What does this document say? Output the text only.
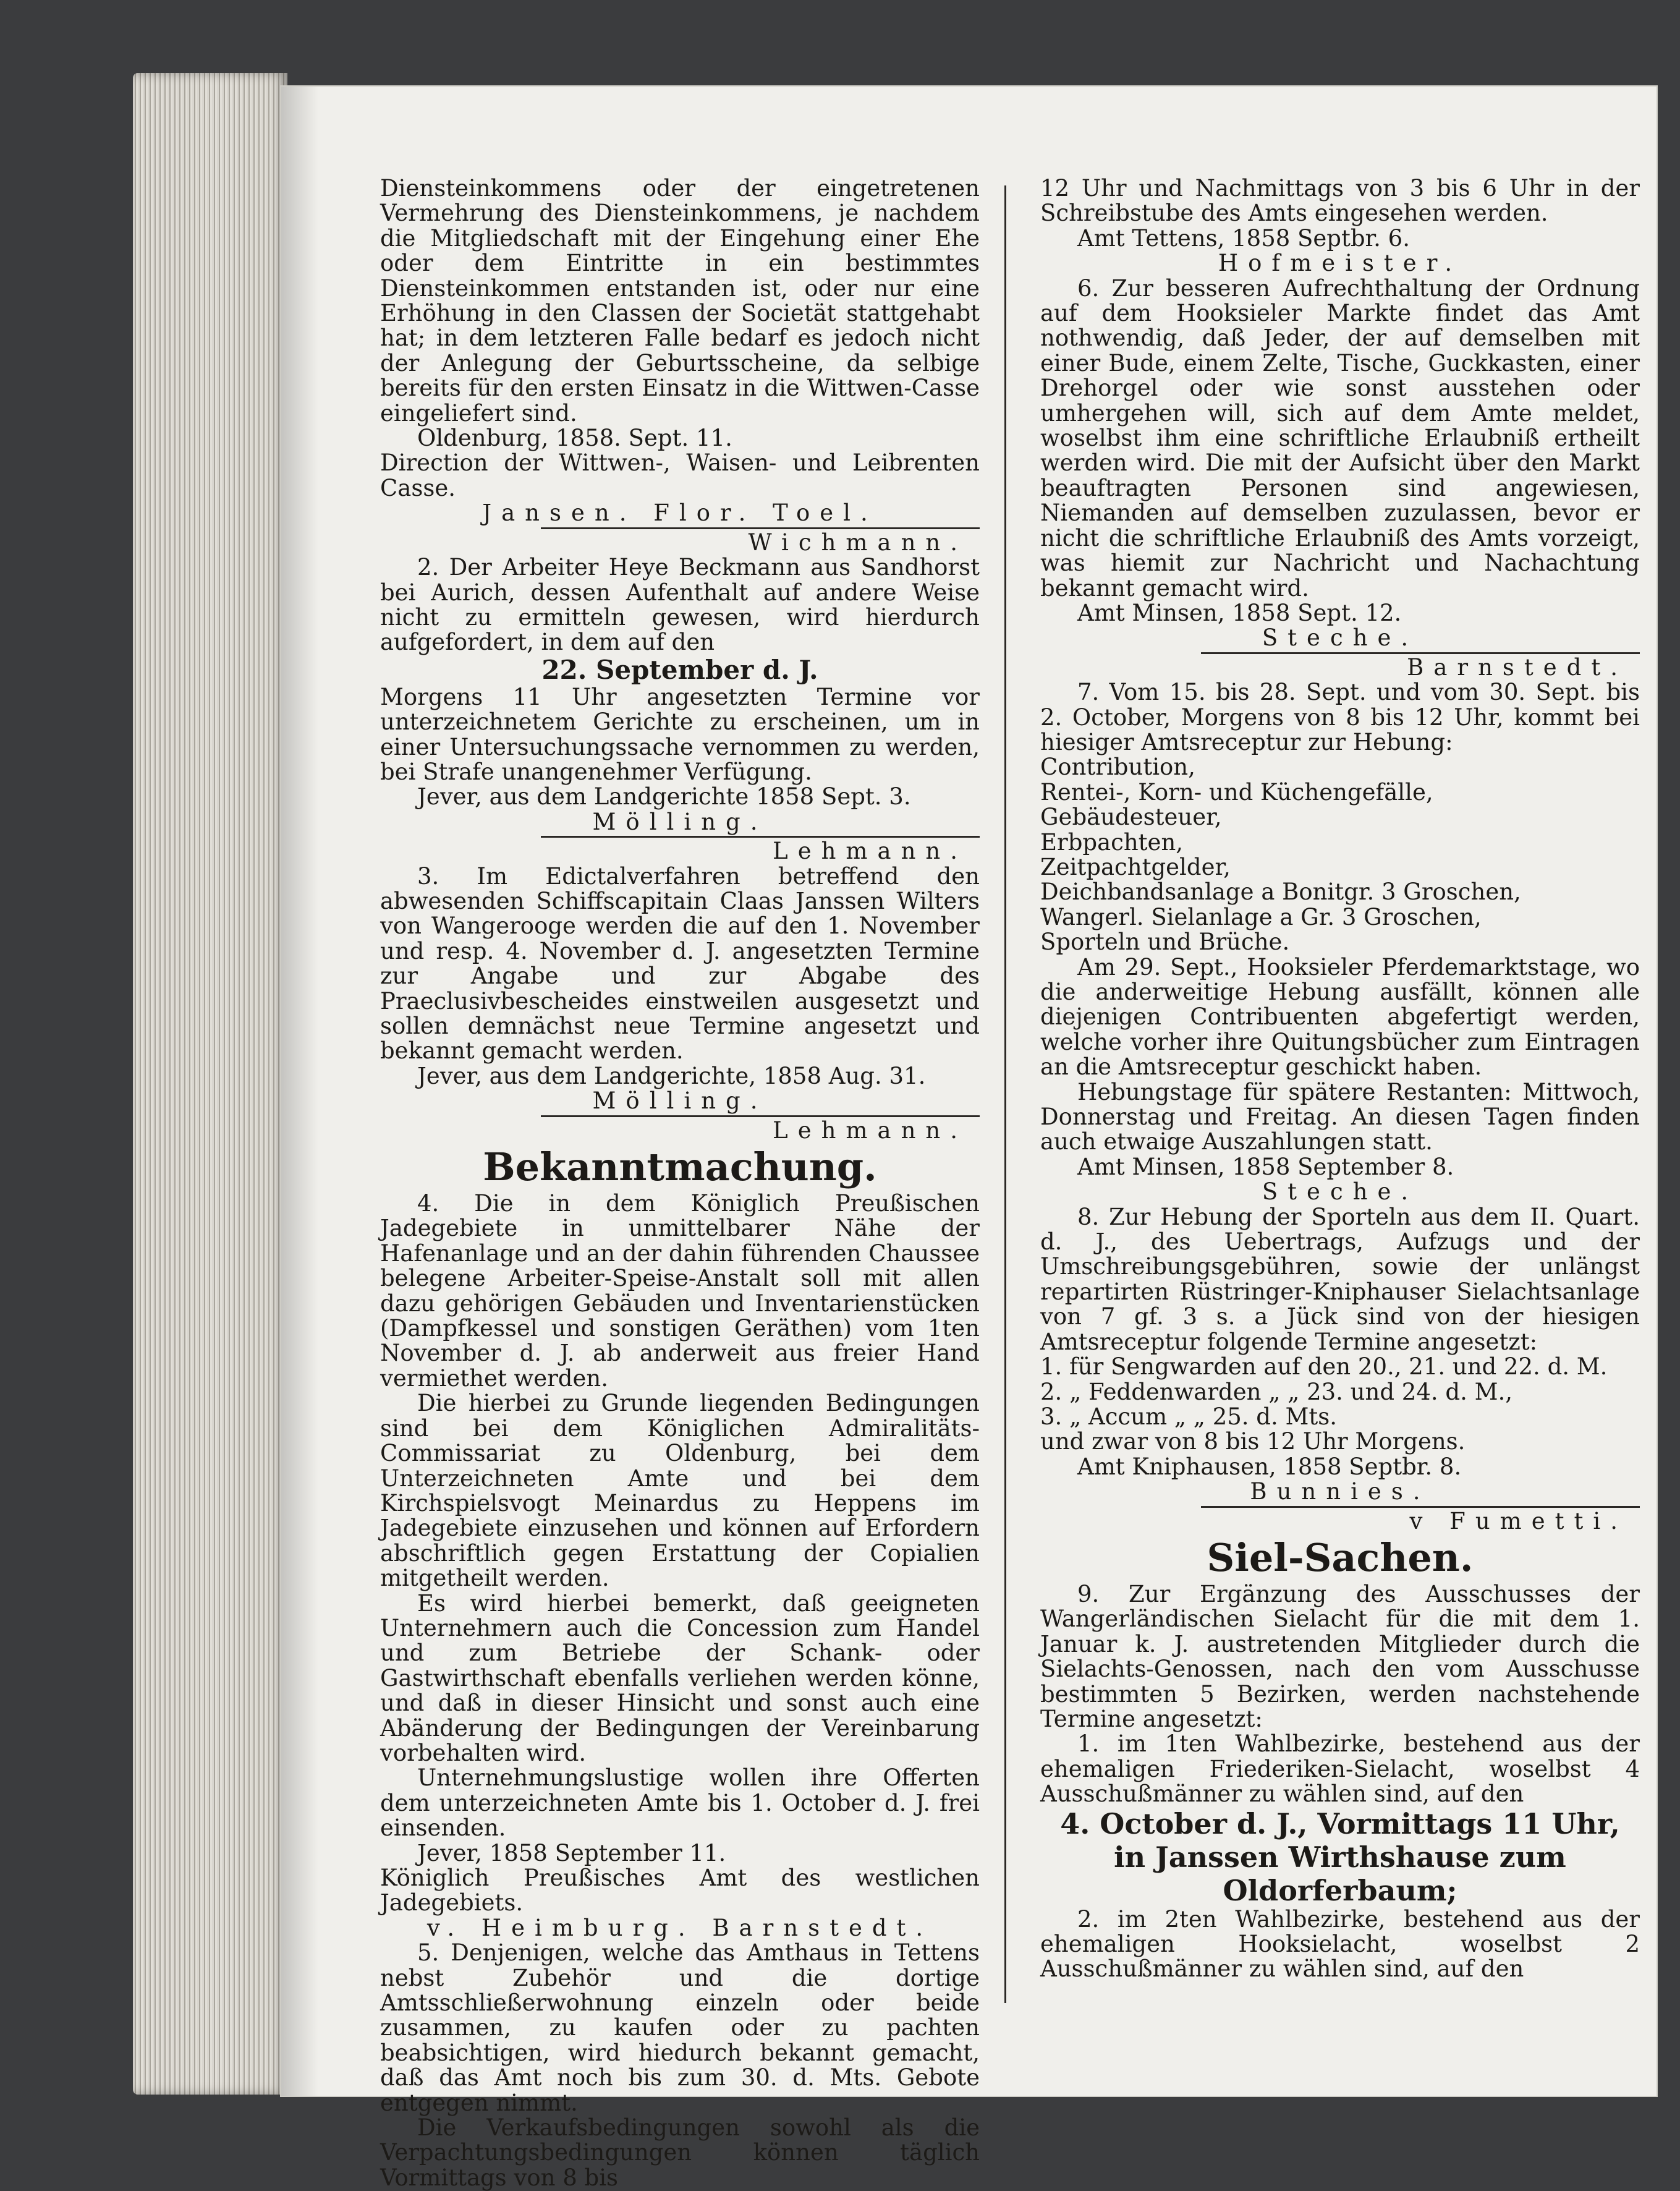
Diensteinkommens oder der eingetretenen Vermehrung des Diensteinkommens, je nachdem die Mitgliedschaft mit der Eingehung einer Ehe oder dem Eintritte in ein bestimmtes Diensteinkommen entstanden ist, oder nur eine Erhöhung in den Classen der Societät stattgehabt hat; in dem letzteren Falle bedarf es jedoch nicht der Anlegung der Geburtsscheine, da selbige bereits für den ersten Einsatz in die Wittwen-Casse eingeliefert sind.

Oldenburg, 1858. Sept. 11.

Direction der Wittwen-, Waisen- und Leibrenten Casse.

Jansen. Flor. Toel.

Wichmann.

2. Der Arbeiter Heye Beckmann aus Sandhorst bei Aurich, dessen Aufenthalt auf andere Weise nicht zu ermitteln gewesen, wird hierdurch aufgefordert, in dem auf den

22. September d. J.

Morgens 11 Uhr angesetzten Termine vor unterzeichnetem Gerichte zu erscheinen, um in einer Untersuchungssache vernommen zu werden, bei Strafe unangenehmer Verfügung.

Jever, aus dem Landgerichte 1858 Sept. 3.

Mölling.

Lehmann.

3. Im Edictalverfahren betreffend den abwesenden Schiffscapitain Claas Janssen Wilters von Wangerooge werden die auf den 1. November und resp. 4. November d. J. angesetzten Termine zur Angabe und zur Abgabe des Praeclusivbescheides einstweilen ausgesetzt und sollen demnächst neue Termine angesetzt und bekannt gemacht werden.

Jever, aus dem Landgerichte, 1858 Aug. 31.

Mölling.

Lehmann.

Bekanntmachung.

4. Die in dem Königlich Preußischen Jadegebiete in unmittelbarer Nähe der Hafenanlage und an der dahin führenden Chaussee belegene Arbeiter-Speise-Anstalt soll mit allen dazu gehörigen Gebäuden und Inventarienstücken (Dampfkessel und sonstigen Geräthen) vom 1ten November d. J. ab anderweit aus freier Hand vermiethet werden.

Die hierbei zu Grunde liegenden Bedingungen sind bei dem Königlichen Admiralitäts-Commissariat zu Oldenburg, bei dem Unterzeichneten Amte und bei dem Kirchspielsvogt Meinardus zu Heppens im Jadegebiete einzusehen und können auf Erfordern abschriftlich gegen Erstattung der Copialien mitgetheilt werden.

Es wird hierbei bemerkt, daß geeigneten Unternehmern auch die Concession zum Handel und zum Betriebe der Schank- oder Gastwirthschaft ebenfalls verliehen werden könne, und daß in dieser Hinsicht und sonst auch eine Abänderung der Bedingungen der Vereinbarung vorbehalten wird.

Unternehmungslustige wollen ihre Offerten dem unterzeichneten Amte bis 1. October d. J. frei einsenden.

Jever, 1858 September 11.

Königlich Preußisches Amt des westlichen Jadegebiets.

v. Heimburg. Barnstedt.

5. Denjenigen, welche das Amthaus in Tettens nebst Zubehör und die dortige Amtsschließerwohnung einzeln oder beide zusammen, zu kaufen oder zu pachten beabsichtigen, wird hiedurch bekannt gemacht, daß das Amt noch bis zum 30. d. Mts. Gebote entgegen nimmt.

Die Verkaufsbedingungen sowohl als die Verpachtungsbedingungen können täglich Vormittags von 8 bis

12 Uhr und Nachmittags von 3 bis 6 Uhr in der Schreibstube des Amts eingesehen werden.

Amt Tettens, 1858 Septbr. 6.

Hofmeister.

6. Zur besseren Aufrechthaltung der Ordnung auf dem Hooksieler Markte findet das Amt nothwendig, daß Jeder, der auf demselben mit einer Bude, einem Zelte, Tische, Guckkasten, einer Drehorgel oder wie sonst ausstehen oder umhergehen will, sich auf dem Amte meldet, woselbst ihm eine schriftliche Erlaubniß ertheilt werden wird. Die mit der Aufsicht über den Markt beauftragten Personen sind angewiesen, Niemanden auf demselben zuzulassen, bevor er nicht die schriftliche Erlaubniß des Amts vorzeigt, was hiemit zur Nachricht und Nachachtung bekannt gemacht wird.

Amt Minsen, 1858 Sept. 12.

Steche.

Barnstedt.

7. Vom 15. bis 28. Sept. und vom 30. Sept. bis 2. October, Morgens von 8 bis 12 Uhr, kommt bei hiesiger Amtsreceptur zur Hebung:

Contribution,

Rentei-, Korn- und Küchengefälle,

Gebäudesteuer,

Erbpachten,

Zeitpachtgelder,

Deichbandsanlage a Bonitgr. 3 Groschen,

Wangerl. Sielanlage a Gr. 3 Groschen,

Sporteln und Brüche.

Am 29. Sept., Hooksieler Pferdemarktstage, wo die anderweitige Hebung ausfällt, können alle diejenigen Contribuenten abgefertigt werden, welche vorher ihre Quitungsbücher zum Eintragen an die Amtsreceptur geschickt haben.

Hebungstage für spätere Restanten: Mittwoch, Donnerstag und Freitag. An diesen Tagen finden auch etwaige Auszahlungen statt.

Amt Minsen, 1858 September 8.

Steche.

8. Zur Hebung der Sporteln aus dem II. Quart. d. J., des Uebertrags, Aufzugs und der Umschreibungsgebühren, sowie der unlängst repartirten Rüstringer-Kniphauser Sielachtsanlage von 7 gf. 3 s. a Jück sind von der hiesigen Amtsreceptur folgende Termine angesetzt:

1. für Sengwarden auf den 20., 21. und 22. d. M.

2. „ Feddenwarden „ „ 23. und 24. d. M.,

3. „ Accum „ „ 25. d. Mts.

und zwar von 8 bis 12 Uhr Morgens.

Amt Kniphausen, 1858 Septbr. 8.

Bunnies.

v Fumetti.

Siel-Sachen.

9. Zur Ergänzung des Ausschusses der Wangerländischen Sielacht für die mit dem 1. Januar k. J. austretenden Mitglieder durch die Sielachts-Genossen, nach den vom Ausschusse bestimmten 5 Bezirken, werden nachstehende Termine angesetzt:

1. im 1ten Wahlbezirke, bestehend aus der ehemaligen Friederiken-Sielacht, woselbst 4 Ausschußmänner zu wählen sind, auf den

4. October d. J., Vormittags 11 Uhr,

in Janssen Wirthshause zum Oldorferbaum;

2. im 2ten Wahlbezirke, bestehend aus der ehemaligen Hooksielacht, woselbst 2 Ausschußmänner zu wählen sind, auf den
